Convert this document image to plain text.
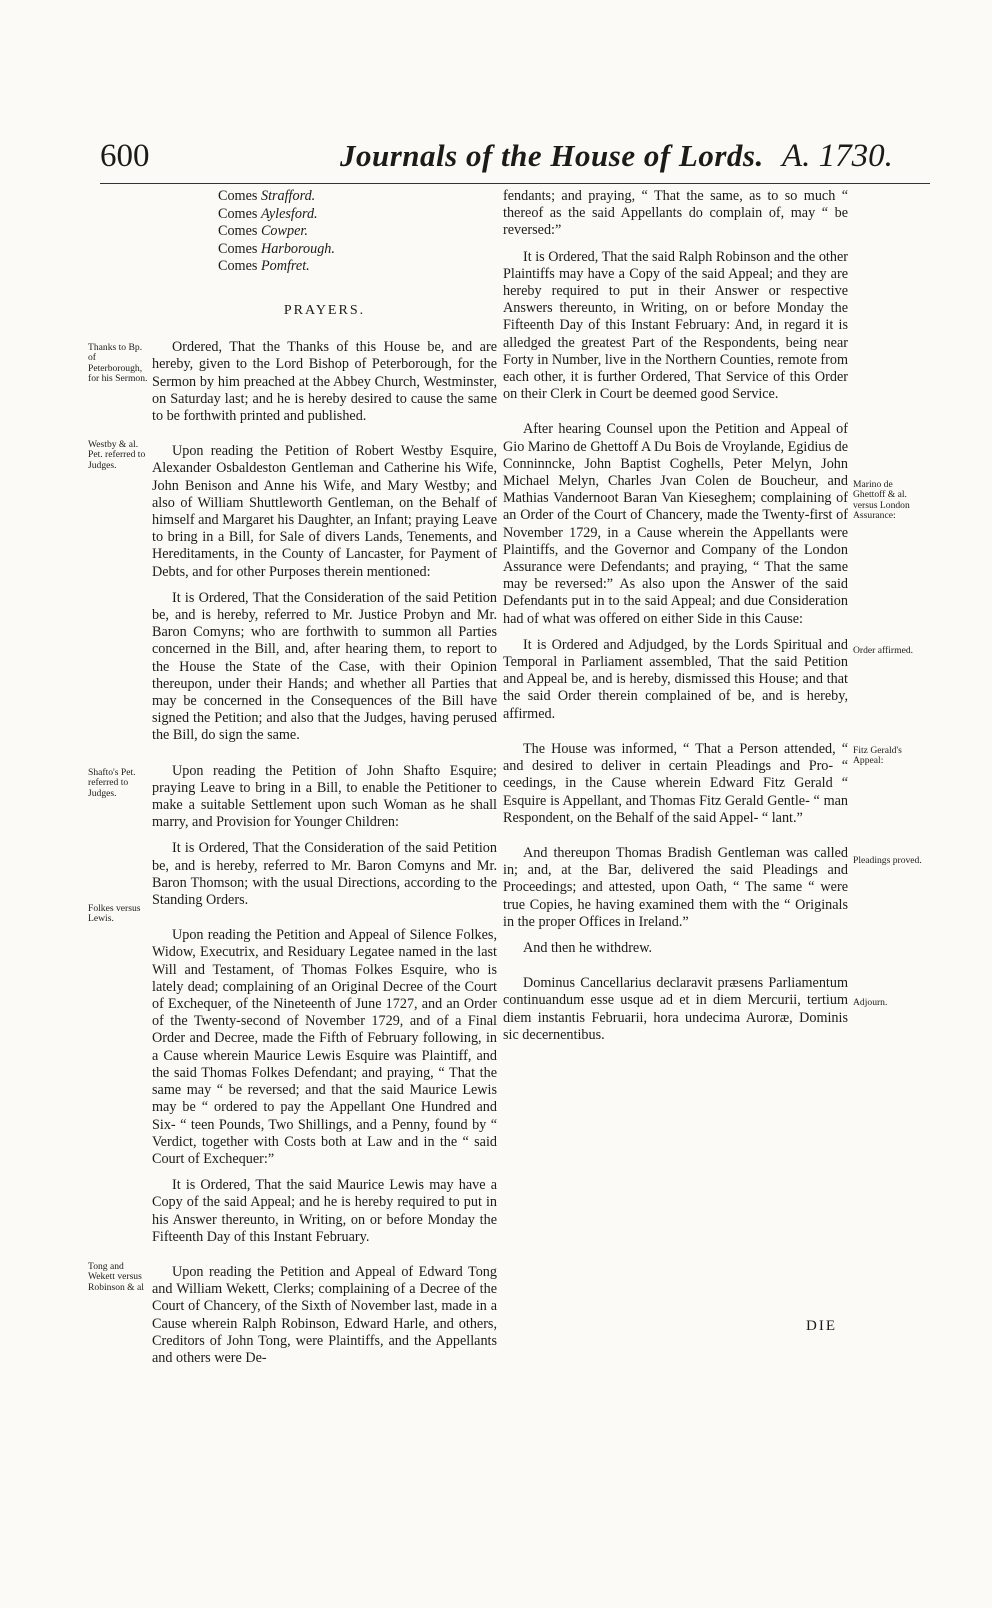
600	Journals of the House of Lords. A. 1730.
Comes Strafford.
Comes Aylesford.
Comes Cowper.
Comes Harborough.
Comes Pomfret.
PRAYERS.

Ordered, That the Thanks of this House be, and are hereby, given to the Lord Bishop of Peterborough, for the Sermon by him preached at the Abbey Church, Westminster, on Saturday last; and he is hereby desired to cause the same to be forthwith printed and published.

Upon reading the Petition of Robert Westby Esquire, Alexander Osbaldeston Gentleman and Catherine his Wife, John Benison and Anne his Wife, and Mary Westby; and also of William Shuttleworth Gentleman, on the Behalf of himself and Margaret his Daughter, an Infant; praying Leave to bring in a Bill, for Sale of divers Lands, Tenements, and Hereditaments, in the County of Lancaster, for Payment of Debts, and for other Purposes therein mentioned:

It is Ordered, That the Consideration of the said Petition be, and is hereby, referred to Mr. Justice Probyn and Mr. Baron Comyns; who are forthwith to summon all Parties concerned in the Bill, and, after hearing them, to report to the House the State of the Case, with their Opinion thereupon, under their Hands; and whether all Parties that may be concerned in the Consequences of the Bill have signed the Petition; and also that the Judges, having perused the Bill, do sign the same.

Upon reading the Petition of John Shafto Esquire; praying Leave to bring in a Bill, to enable the Petitioner to make a suitable Settlement upon such Woman as he shall marry, and Provision for Younger Children:

It is Ordered, That the Consideration of the said Petition be, and is hereby, referred to Mr. Baron Comyns and Mr. Baron Thomson; with the usual Directions, according to the Standing Orders.

Upon reading the Petition and Appeal of Silence Folkes, Widow, Executrix, and Residuary Legatee named in the last Will and Testament, of Thomas Folkes Esquire, who is lately dead; complaining of an Original Decree of the Court of Exchequer, of the Nineteenth of June 1727, and an Order of the Twenty-second of November 1729, and of a Final Order and Decree, made the Fifth of February following, in a Cause wherein Maurice Lewis Esquire was Plaintiff, and the said Thomas Folkes Defendant; and praying, “ That the same may “ be reversed; and that the said Maurice Lewis may be “ ordered to pay the Appellant One Hundred and Six- “ teen Pounds, Two Shillings, and a Penny, found by “ Verdict, together with Costs both at Law and in the “ said Court of Exchequer:”

It is Ordered, That the said Maurice Lewis may have a Copy of the said Appeal; and he is hereby required to put in his Answer thereunto, in Writing, on or before Monday the Fifteenth Day of this Instant February.

Upon reading the Petition and Appeal of Edward Tong and William Wekett, Clerks; complaining of a Decree of the Court of Chancery, of the Sixth of November last, made in a Cause wherein Ralph Robinson, Edward Harle, and others, Creditors of John Tong, were Plaintiffs, and the Appellants and others were De-

fendants; and praying, “ That the same, as to so much “ thereof as the said Appellants do complain of, may “ be reversed:”

It is Ordered, That the said Ralph Robinson and the other Plaintiffs may have a Copy of the said Appeal; and they are hereby required to put in their Answer or respective Answers thereunto, in Writing, on or before Monday the Fifteenth Day of this Instant February: And, in regard it is alledged the greatest Part of the Respondents, being near Forty in Number, live in the Northern Counties, remote from each other, it is further Ordered, That Service of this Order on their Clerk in Court be deemed good Service.

After hearing Counsel upon the Petition and Appeal of Gio Marino de Ghettoff A Du Bois de Vroylande, Egidius de Conninncke, John Baptist Coghells, Peter Melyn, John Michael Melyn, Charles Jvan Colen de Boucheur, and Mathias Vandernoot Baran Van Kieseghem; complaining of an Order of the Court of Chancery, made the Twenty-first of November 1729, in a Cause wherein the Appellants were Plaintiffs, and the Governor and Company of the London Assurance were Defendants; and praying, “ That the same may be reversed:” As also upon the Answer of the said Defendants put in to the said Appeal; and due Consideration had of what was offered on either Side in this Cause:

It is Ordered and Adjudged, by the Lords Spiritual and Temporal in Parliament assembled, That the said Petition and Appeal be, and is hereby, dismissed this House; and that the said Order therein complained of be, and is hereby, affirmed.

The House was informed, “ That a Person attended, “ and desired to deliver in certain Pleadings and Pro- “ ceedings, in the Cause wherein Edward Fitz Gerald “ Esquire is Appellant, and Thomas Fitz Gerald Gentle- “ man Respondent, on the Behalf of the said Appel- “ lant.”

And thereupon Thomas Bradish Gentleman was called in; and, at the Bar, delivered the said Pleadings and Proceedings; and attested, upon Oath, “ The same “ were true Copies, he having examined them with the “ Originals in the proper Offices in Ireland.”

And then he withdrew.

Dominus Cancellarius declaravit præsens Parliamentum continuandum esse usque ad et in diem Mercurii, tertium diem instantis Februarii, hora undecima Auroræ, Dominis sic decernentibus.

Thanks to Bp. of Peterborough, for his Sermon.
Westby & al. Pet. referred to Judges.
Shafto's Pet. referred to Judges.
Folkes versus Lewis.
Tong and Wekett versus Robinson & al
Marino de Ghettoff & al. versus London Assurance:
Order affirmed.
Fitz Gerald's Appeal:
Pleadings proved.
Adjourn.
DIE
